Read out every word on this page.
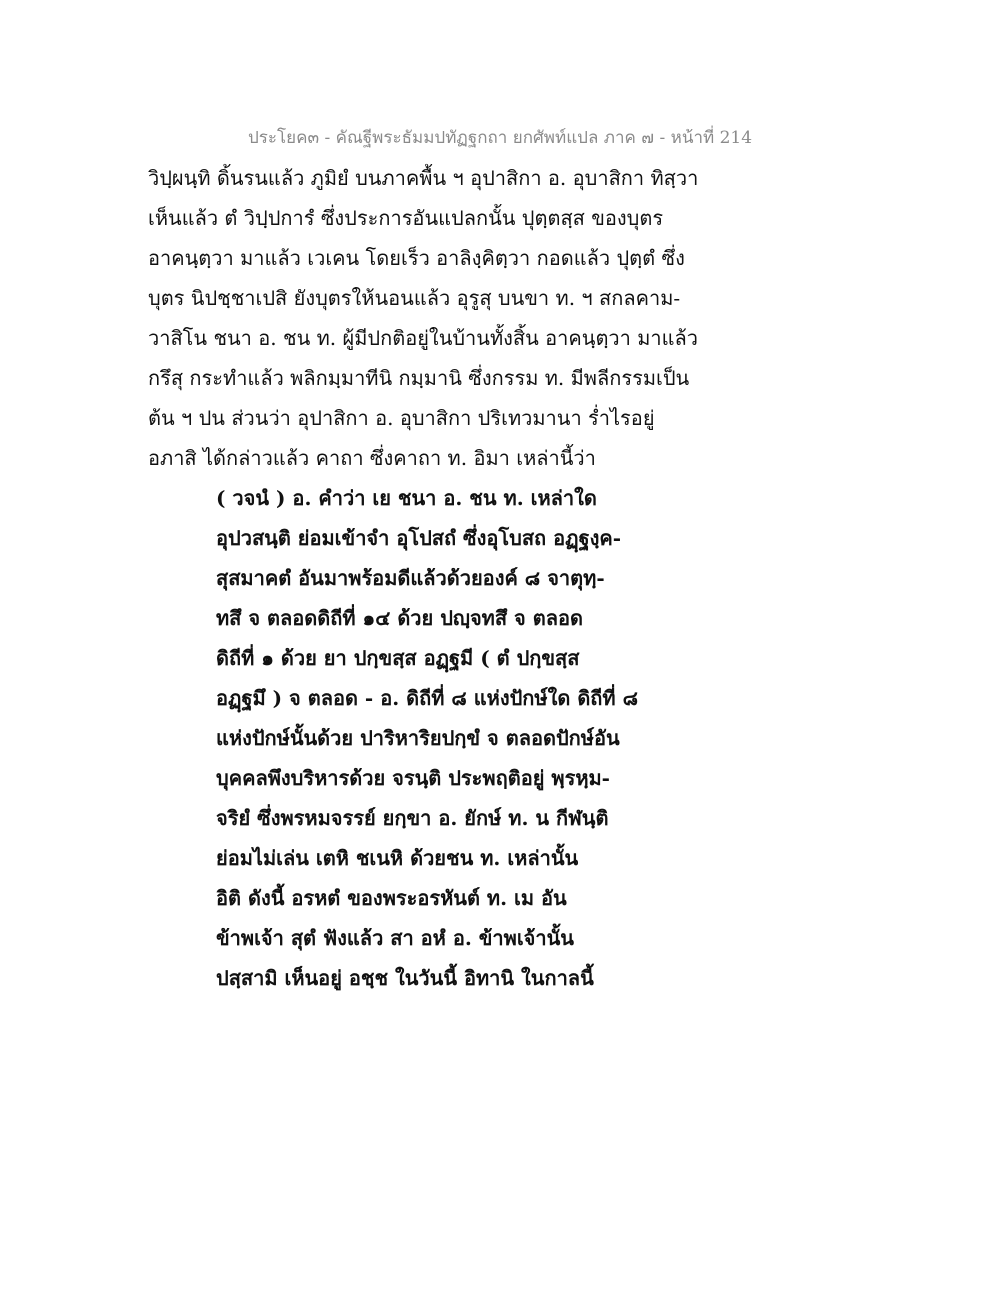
ประโยค๓ - คัณฐีพระธัมมปทัฏฐกถา ยกศัพท์แปล ภาค ๗ - หน้าที่ 214
วิปฺผนฺทิ ดิ้นรนแล้ว ภูมิยํ บนภาคพื้น ฯ อุปาสิกา อ. อุบาสิกา ทิสฺวา
เห็นแล้ว ตํ วิปฺปการํ ซึ่งประการอันแปลกนั้น ปุตฺตสฺส ของบุตร
อาคนฺตฺวา มาแล้ว เวเคน โดยเร็ว อาลิงฺคิตฺวา กอดแล้ว ปุตฺตํ ซึ่ง
บุตร นิปชฺชาเปสิ ยังบุตรให้นอนแล้ว อุรูสุ บนขา ท. ฯ สกลคาม-
วาสิโน ชนา อ. ชน ท. ผู้มีปกติอยู่ในบ้านทั้งสิ้น อาคนฺตฺวา มาแล้ว
กรึสุ กระทำแล้ว พลิกมฺมาทีนิ กมฺมานิ ซึ่งกรรม ท. มีพลีกรรมเป็น
ต้น ฯ ปน ส่วนว่า อุปาสิกา อ. อุบาสิกา ปริเทวมานา ร่ำไรอยู่
อภาสิ ได้กล่าวแล้ว คาถา ซึ่งคาถา ท. อิมา เหล่านี้ว่า
( วจนํ ) อ. คำว่า เย ชนา อ. ชน ท. เหล่าใด
อุปวสนฺติ ย่อมเข้าจำ อุโปสถํ ซึ่งอุโบสถ อฏฺฐงฺค-
สุสมาคตํ อันมาพร้อมดีแล้วด้วยองค์ ๘ จาตุทฺ-
ทสึ จ ตลอดดิถีที่ ๑๔ ด้วย ปญฺจทสึ จ ตลอด
ดิถีที่ ๑ ด้วย ยา ปกฺขสฺส อฏฺฐมี ( ตํ ปกฺขสฺส
อฏฺฐมึ ) จ ตลอด - อ. ดิถีที่ ๘ แห่งปักษ์ใด ดิถีที่ ๘
แห่งปักษ์นั้นด้วย ปาริหาริยปกฺขํ จ ตลอดปักษ์อัน
บุคคลพึงบริหารด้วย จรนฺติ ประพฤติอยู่ พฺรหฺม-
จริยํ ซึ่งพรหมจรรย์ ยกฺขา อ. ยักษ์ ท. น กีฬนฺติ
ย่อมไม่เล่น เตหิ ชเนหิ ด้วยชน ท. เหล่านั้น
อิติ ดังนี้ อรหตํ ของพระอรหันต์ ท. เม อัน
ข้าพเจ้า สุตํ ฟังแล้ว สา อหํ อ. ข้าพเจ้านั้น
ปสฺสามิ เห็นอยู่ อชฺช ในวันนี้ อิทานิ ในกาลนี้
